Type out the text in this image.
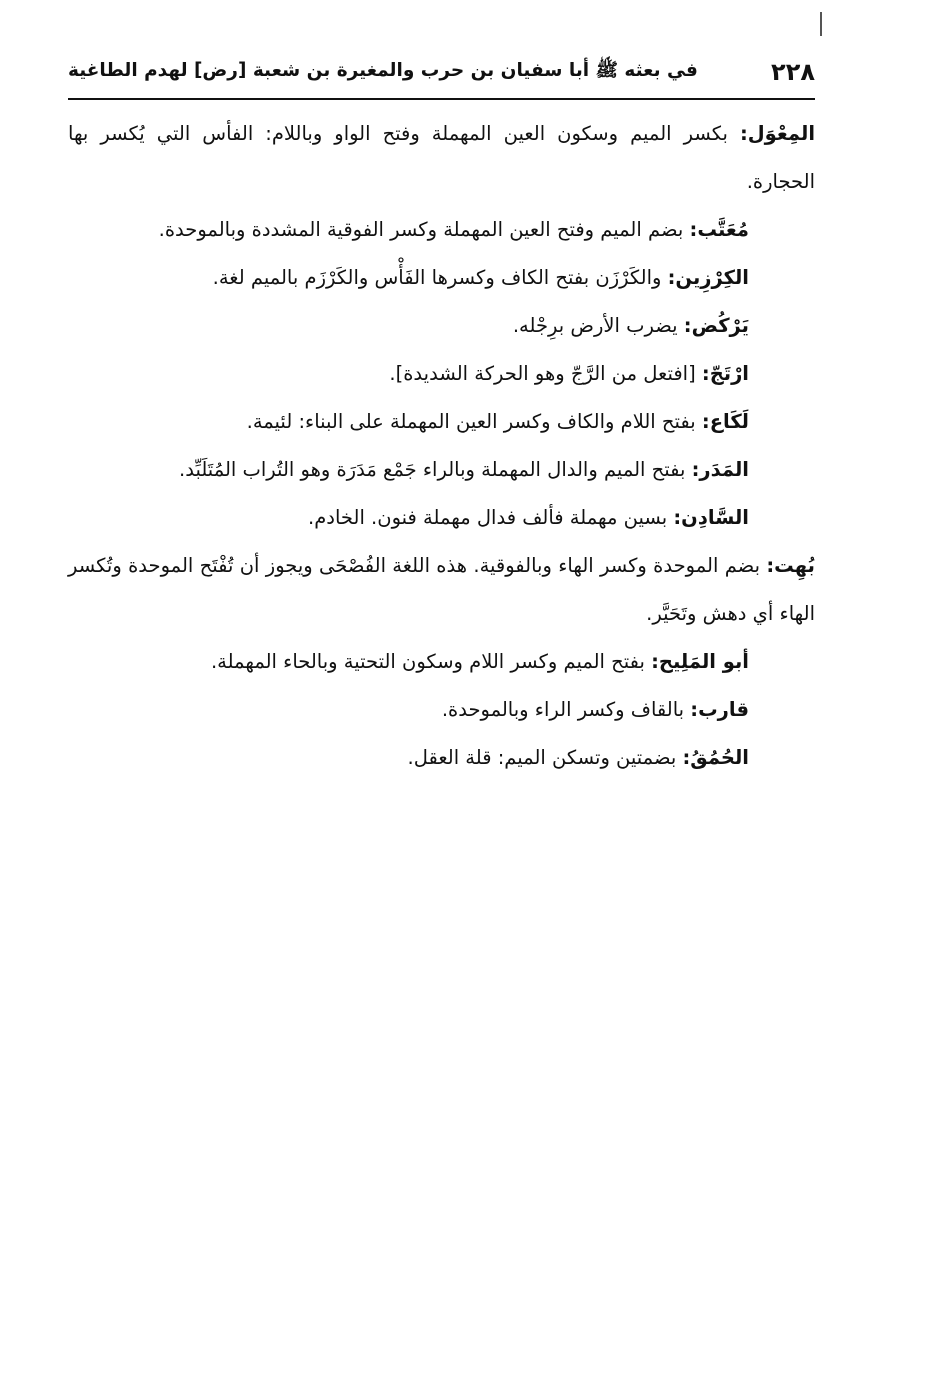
٢٢٨
في بعثه ﷺ أبا سفيان بن حرب والمغيرة بن شعبة [رض] لهدم الطاغية

المِعْوَل: بكسر الميم وسكون العين المهملة وفتح الواو وباللام: الفأس التي يُكسر بها الحجارة.

مُعَتَّب: بضم الميم وفتح العين المهملة وكسر الفوقية المشددة وبالموحدة.

الكِرْزِين: والكَرْزَن بفتح الكاف وكسرها الفَأْس والكَرْزَم بالميم لغة.

يَرْكُض: يضرب الأرض برِجْله.

ارْتَجّ: [افتعل من الرَّجّ وهو الحركة الشديدة].

لَكَاع: بفتح اللام والكاف وكسر العين المهملة على البناء: لئيمة.

المَدَر: بفتح الميم والدال المهملة وبالراء جَمْع مَدَرَة وهو التُراب المُتَلَبِّد.

السَّادِن: بسين مهملة فألف فدال مهملة فنون. الخادم.

بُهِت: بضم الموحدة وكسر الهاء وبالفوقية. هذه اللغة الفُصْحَى ويجوز أن تُفْتَح الموحدة وتُكسر الهاء أي دهش وتَحَيَّر.

أبو المَلِيح: بفتح الميم وكسر اللام وسكون التحتية وبالحاء المهملة.

قارب: بالقاف وكسر الراء وبالموحدة.

الحُمُقُ: بضمتين وتسكن الميم: قلة العقل.
